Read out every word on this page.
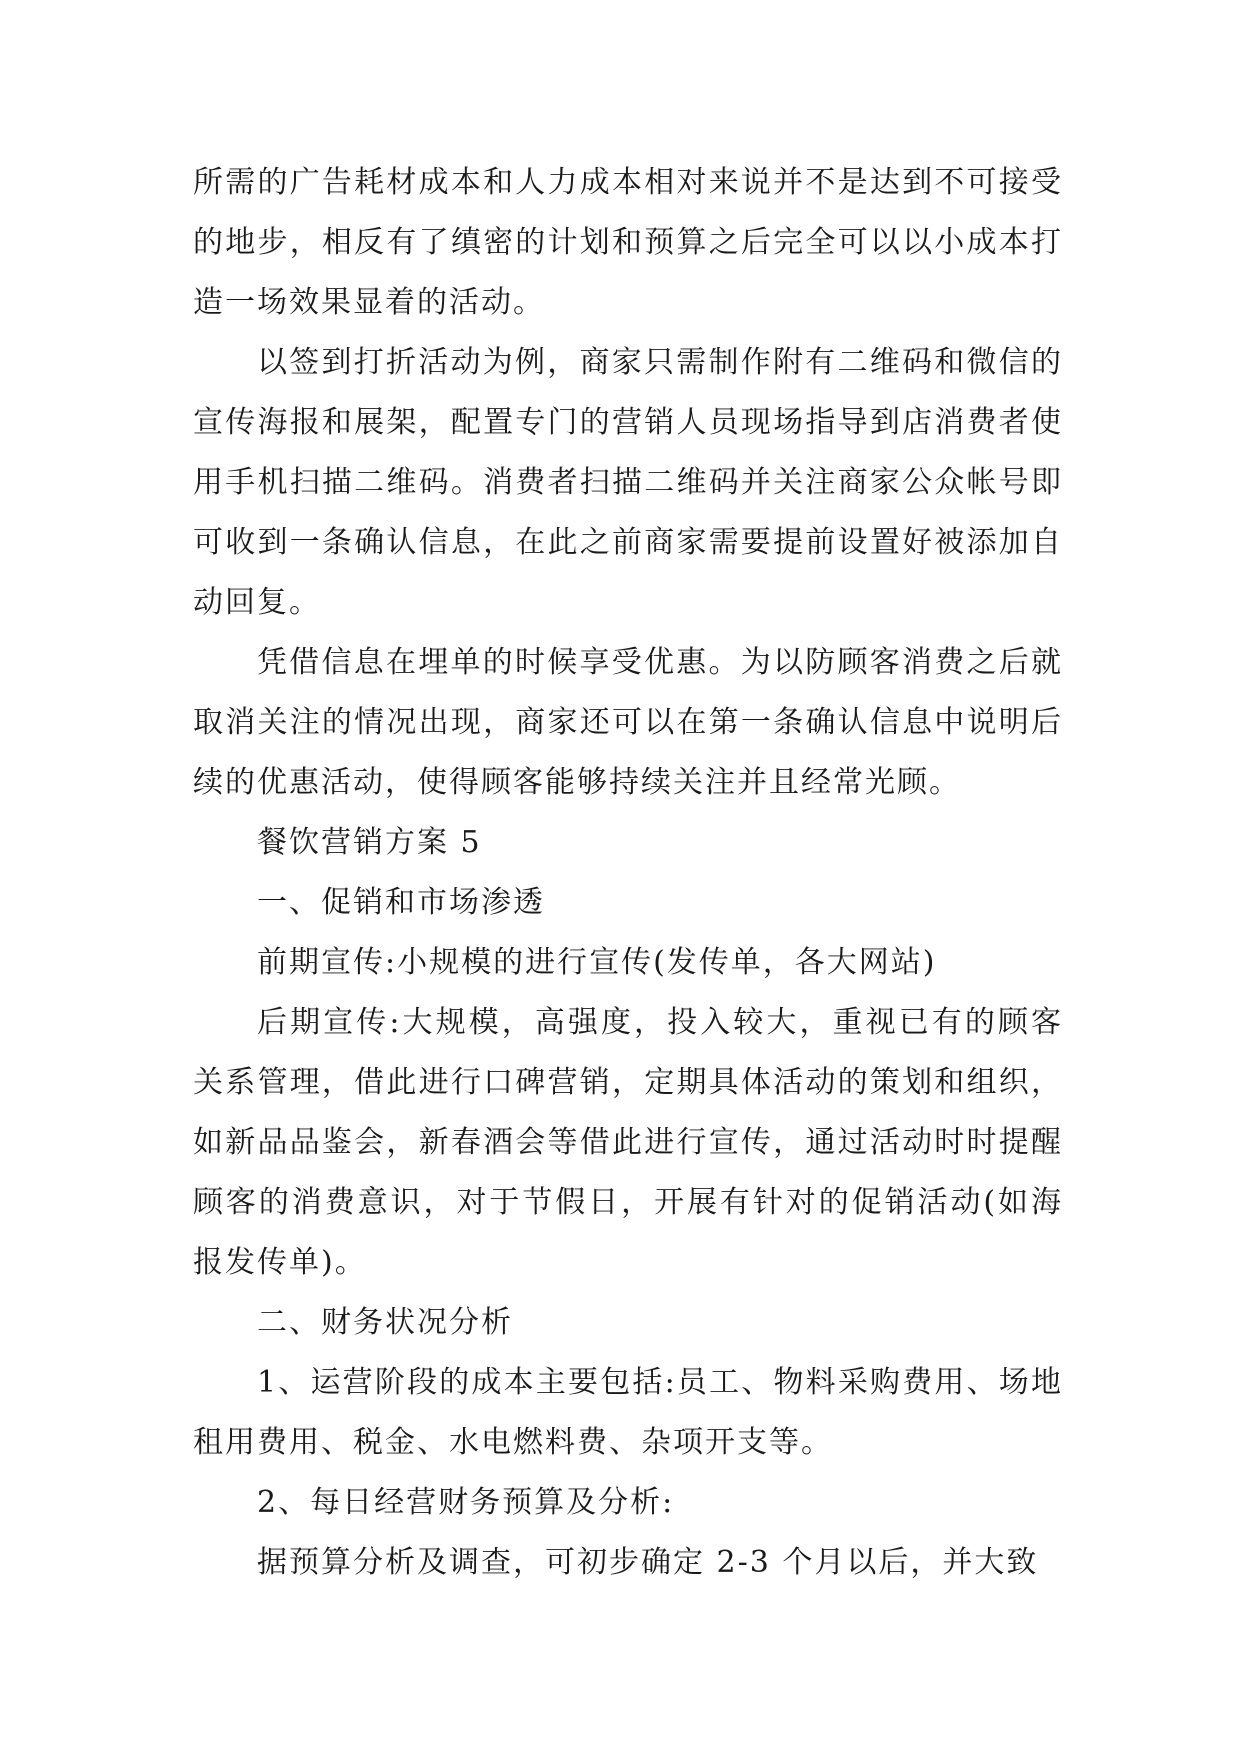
所需的广告耗材成本和人力成本相对来说并不是达到不可接受的地步，相反有了缜密的计划和预算之后完全可以以小成本打造一场效果显着的活动。

以签到打折活动为例，商家只需制作附有二维码和微信的宣传海报和展架，配置专门的营销人员现场指导到店消费者使用手机扫描二维码。消费者扫描二维码并关注商家公众帐号即可收到一条确认信息，在此之前商家需要提前设置好被添加自动回复。

凭借信息在埋单的时候享受优惠。为以防顾客消费之后就取消关注的情况出现，商家还可以在第一条确认信息中说明后续的优惠活动，使得顾客能够持续关注并且经常光顾。

餐饮营销方案 5

一、促销和市场渗透

前期宣传:小规模的进行宣传(发传单，各大网站)

后期宣传:大规模，高强度，投入较大，重视已有的顾客关系管理，借此进行口碑营销，定期具体活动的策划和组织，如新品品鉴会，新春酒会等借此进行宣传，通过活动时时提醒顾客的消费意识，对于节假日，开展有针对的促销活动(如海报发传单)。

二、财务状况分析

1、运营阶段的成本主要包括:员工、物料采购费用、场地租用费用、税金、水电燃料费、杂项开支等。

2、每日经营财务预算及分析:

据预算分析及调查，可初步确定 2-3 个月以后，并大致
